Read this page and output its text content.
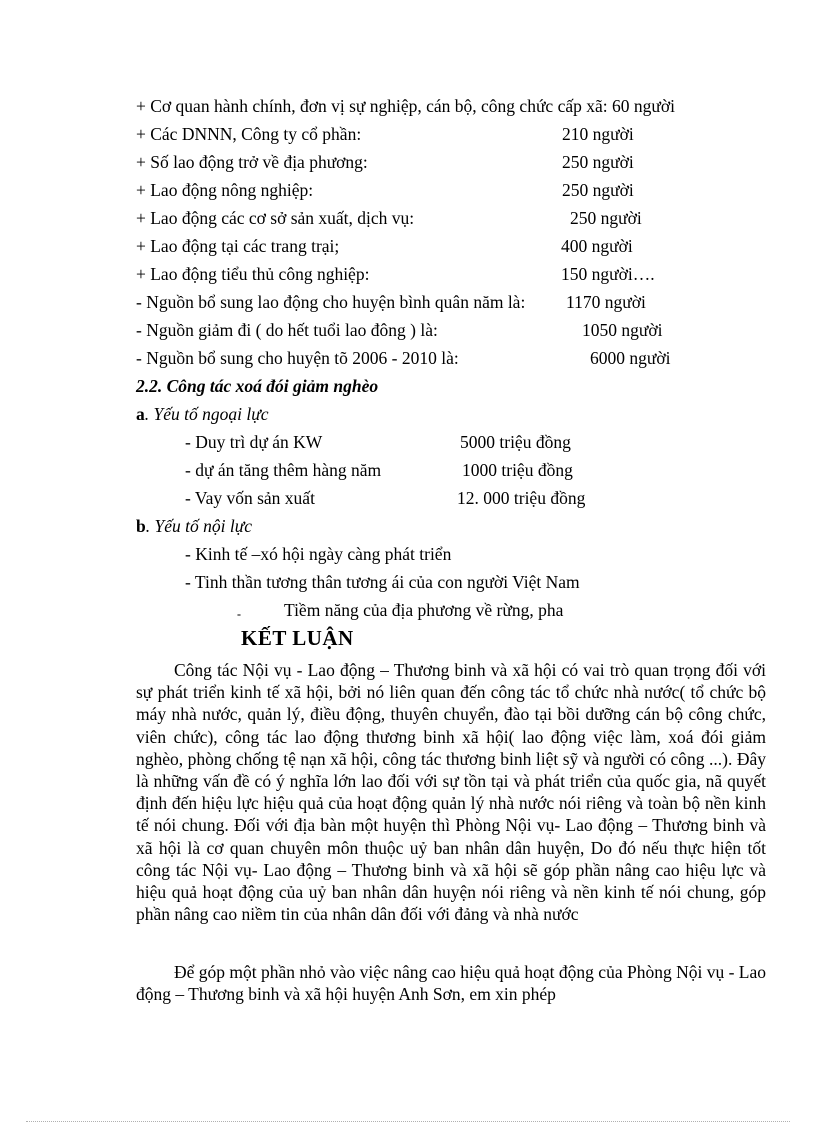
+ Cơ quan hành chính, đơn vị sự nghiệp, cán bộ, công chức cấp xã: 60 người
+ Các DNNN, Công ty cổ phần:	210 người
+ Số lao động trở về địa phương:	250 người
+ Lao động nông nghiệp:	250 người
+ Lao động các cơ sở sản xuất, dịch vụ:	250 người
+ Lao động tại các trang trại;	400 người
+ Lao động tiểu thủ công nghiệp:	150 người….
- Nguồn bổ sung lao động cho huyện bình quân năm là: 1170 người
- Nguồn giảm đi ( do hết tuổi lao đông ) là:	1050 người
- Nguồn bổ sung cho huyện tõ 2006 - 2010 là:	6000 người
2.2. Công tác xoá đói giảm nghèo
a. Yếu tố ngoại lực
- Duy trì dự án KW	5000 triệu đồng
- dự án tăng thêm hàng năm	1000 triệu đồng
- Vay vốn sản xuất	12. 000 triệu đồng
b. Yếu tố nội lực
- Kinh tế –xó hội ngày càng phát triển
- Tinh thần tương thân tương ái của con người Việt Nam
- Tiềm năng của địa phương về rừng, pha
KẾT LUẬN
Công tác Nội vụ - Lao động – Thương binh và xã hội có vai trò quan trọng đối với sự phát triển kinh tế xã hội, bởi nó liên quan đến công tác tổ chức nhà nước( tổ chức bộ máy nhà nước, quản lý, điều động, thuyên chuyển, đào tại bồi dưỡng cán bộ công chức, viên chức), công tác lao động thương binh xã hội( lao động việc làm, xoá đói giảm nghèo, phòng chống tệ nạn xã hội, công tác thương binh liệt sỹ và người có công ...). Đây là những vấn đề có ý nghĩa lớn lao đối với sự tồn tại và phát triển của quốc gia, nã quyết định đến hiệu lực hiệu quả của hoạt động quản lý nhà nước nói riêng và toàn bộ nền kinh tế nói chung. Đối với địa bàn một huyện thì Phòng Nội vụ- Lao động – Thương binh và xã hội là cơ quan chuyên môn thuộc uỷ ban nhân dân huyện, Do đó nếu thực hiện tốt công tác Nội vụ- Lao động – Thương binh và xã hội sẽ góp phần nâng cao hiệu lực và hiệu quả hoạt động của uỷ ban nhân dân huyện nói riêng và nền kinh tế nói chung, góp phần nâng cao niềm tin của nhân dân đối với đảng và nhà nước
Để góp một phần nhỏ vào việc nâng cao hiệu quả hoạt động của Phòng Nội vụ - Lao động – Thương binh và xã hội huyện Anh Sơn, em xin phép
